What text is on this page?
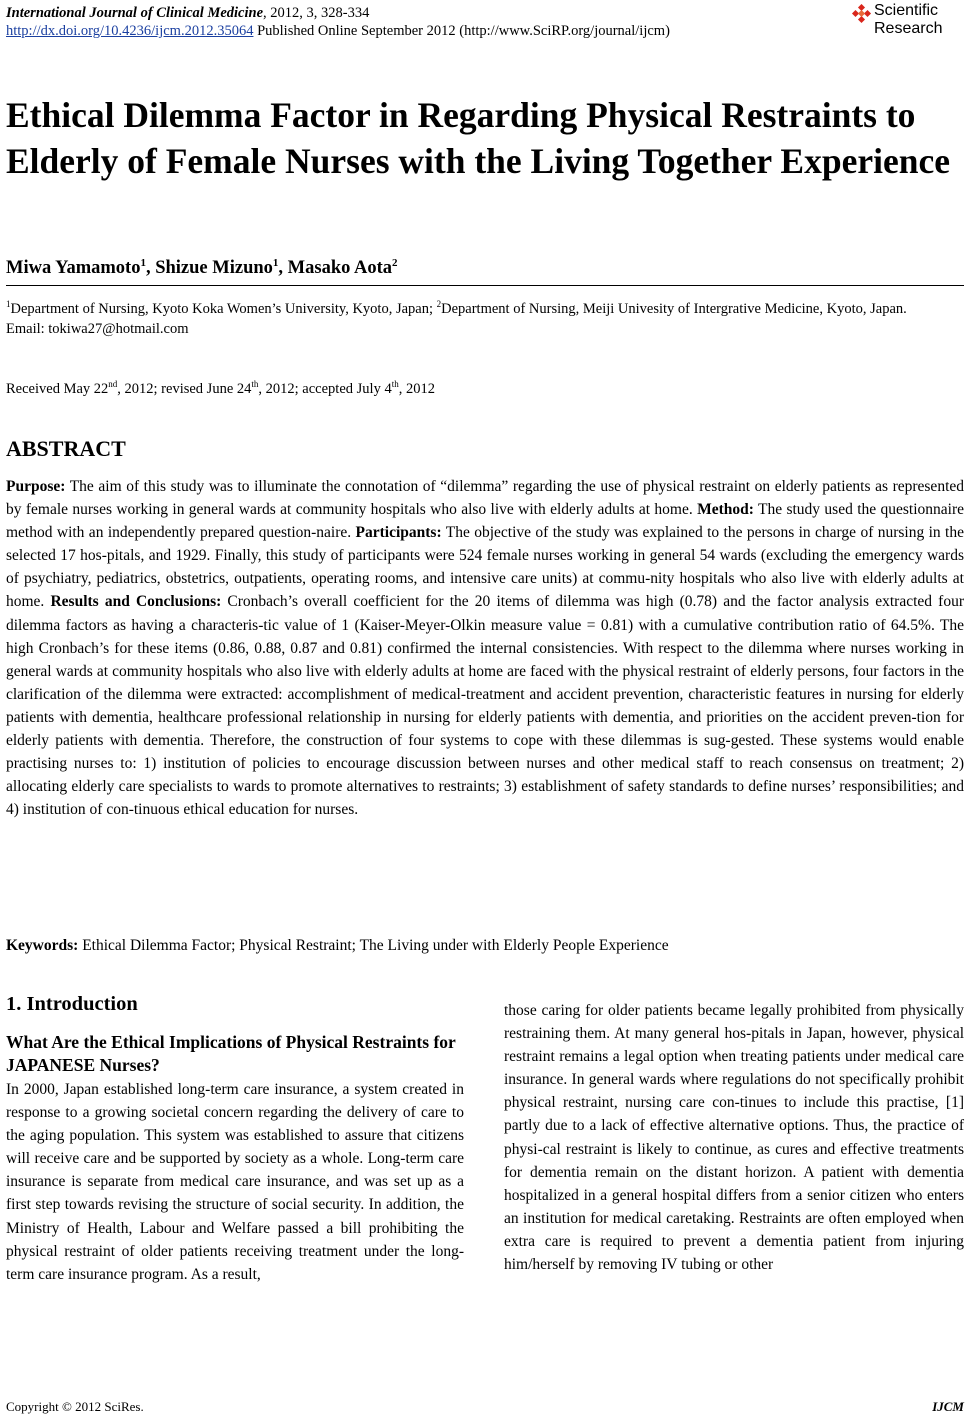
International Journal of Clinical Medicine, 2012, 3, 328-334
http://dx.doi.org/10.4236/ijcm.2012.35064 Published Online September 2012 (http://www.SciRP.org/journal/ijcm)
Scientific
Research
Ethical Dilemma Factor in Regarding Physical Restraints to Elderly of Female Nurses with the Living Together Experience
Miwa Yamamoto$^1$, Shizue Mizuno$^1$, Masako Aota$^2$
$^1$Department of Nursing, Kyoto Koka Women’s University, Kyoto, Japan; $^2$Department of Nursing, Meiji Univesity of Intergrative Medicine, Kyoto, Japan.
Email: tokiwa27@hotmail.com
Received May 22nd, 2012; revised June 24th, 2012; accepted July 4th, 2012
ABSTRACT

Purpose: The aim of this study was to illuminate the connotation of “dilemma” regarding the use of physical restraint on elderly patients as represented by female nurses working in general wards at community hospitals who also live with elderly adults at home. Method: The study used the questionnaire method with an independently prepared question-naire. Participants: The objective of the study was explained to the persons in charge of nursing in the selected 17 hos-pitals, and 1929. Finally, this study of participants were 524 female nurses working in general 54 wards (excluding the emergency wards of psychiatry, pediatrics, obstetrics, outpatients, operating rooms, and intensive care units) at commu-nity hospitals who also live with elderly adults at home. Results and Conclusions: Cronbach’s overall coefficient for the 20 items of dilemma was high (0.78) and the factor analysis extracted four dilemma factors as having a characteris-tic value of 1 (Kaiser-Meyer-Olkin measure value = 0.81) with a cumulative contribution ratio of 64.5%. The high Cronbach’s for these items (0.86, 0.88, 0.87 and 0.81) confirmed the internal consistencies. With respect to the dilemma where nurses working in general wards at community hospitals who also live with elderly adults at home are faced with the physical restraint of elderly persons, four factors in the clarification of the dilemma were extracted: accomplishment of medical-treatment and accident prevention, characteristic features in nursing for elderly patients with dementia, healthcare professional relationship in nursing for elderly patients with dementia, and priorities on the accident preven-tion for elderly patients with dementia. Therefore, the construction of four systems to cope with these dilemmas is sug-gested. These systems would enable practising nurses to: 1) institution of policies to encourage discussion between nurses and other medical staff to reach consensus on treatment; 2) allocating elderly care specialists to wards to promote alternatives to restraints; 3) establishment of safety standards to define nurses’ responsibilities; and 4) institution of con-tinuous ethical education for nurses.

Keywords: Ethical Dilemma Factor; Physical Restraint; The Living under with Elderly People Experience
1. Introduction
What Are the Ethical Implications of Physical Restraints for JAPANESE Nurses?

In 2000, Japan established long-term care insurance, a system created in response to a growing societal concern regarding the delivery of care to the aging population. This system was established to assure that citizens will receive care and be supported by society as a whole. Long-term care insurance is separate from medical care insurance, and was set up as a first step towards revising the structure of social security. In addition, the Ministry of Health, Labour and Welfare passed a bill prohibiting the physical restraint of older patients receiving treatment under the long-term care insurance program. As a result,

those caring for older patients became legally prohibited from physically restraining them. At many general hos-pitals in Japan, however, physical restraint remains a legal option when treating patients under medical care insurance. In general wards where regulations do not specifically prohibit physical restraint, nursing care con-tinues to include this practise, [1] partly due to a lack of effective alternative options. Thus, the practice of physi-cal restraint is likely to continue, as cures and effective treatments for dementia remain on the distant horizon. A patient with dementia hospitalized in a general hospital differs from a senior citizen who enters an institution for medical caretaking. Restraints are often employed when extra care is required to prevent a dementia patient from injuring him/herself by removing IV tubing or other

Copyright © 2012 SciRes.	IJCM
